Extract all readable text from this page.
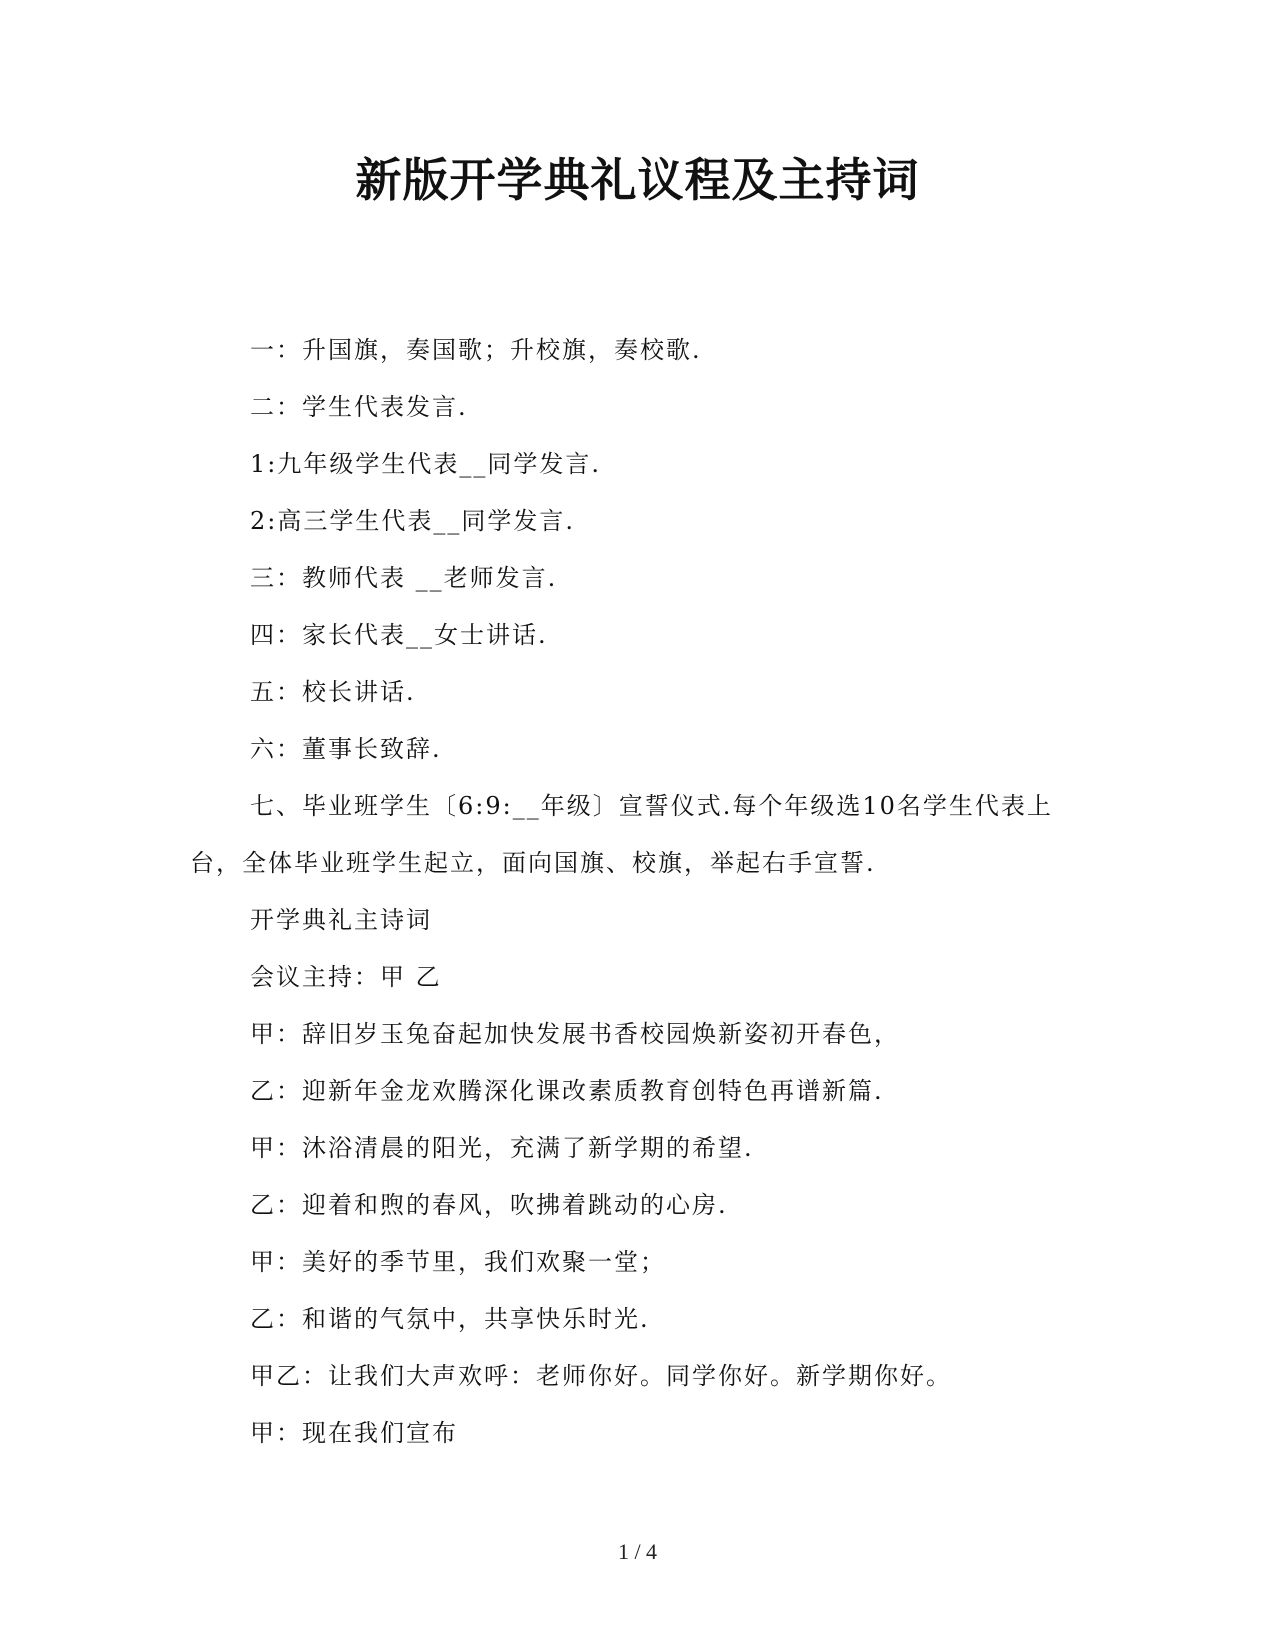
新版开学典礼议程及主持词

一：升国旗，奏国歌；升校旗，奏校歌.

二：学生代表发言.

1:九年级学生代表__同学发言.

2:高三学生代表__同学发言.

三：教师代表 __老师发言.

四：家长代表__女士讲话.

五：校长讲话.

六：董事长致辞.

七、毕业班学生〔6:9:__年级〕宣誓仪式.每个年级选10名学生代表上台，全体毕业班学生起立，面向国旗、校旗，举起右手宣誓.

开学典礼主诗词

会议主持：甲 乙

甲：辞旧岁玉兔奋起加快发展书香校园焕新姿初开春色，

乙：迎新年金龙欢腾深化课改素质教育创特色再谱新篇.

甲：沐浴清晨的阳光，充满了新学期的希望.

乙：迎着和煦的春风，吹拂着跳动的心房.

甲：美好的季节里，我们欢聚一堂；

乙：和谐的气氛中，共享快乐时光.

甲乙：让我们大声欢呼：老师你好。同学你好。新学期你好。

甲：现在我们宣布

1 / 4
